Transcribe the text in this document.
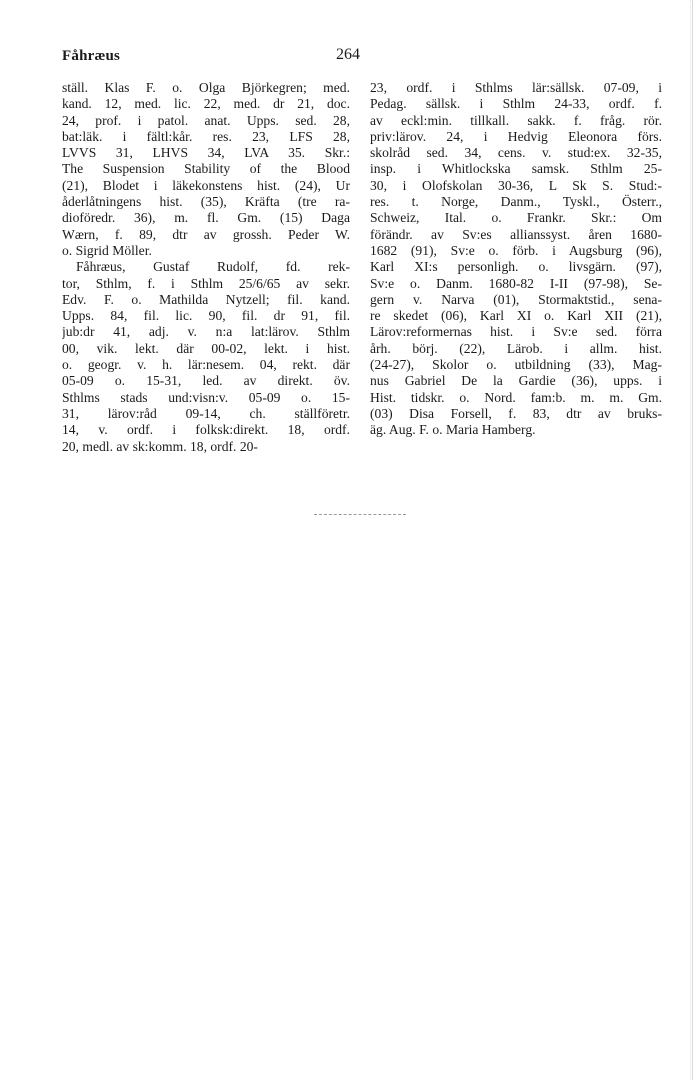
Fåhræus	264
ställ. Klas F. o. Olga Björkegren; med.
kand. 12, med. lic. 22, med. dr 21, doc.
24, prof. i patol. anat. Upps. sed. 28,
bat:läk. i fältl:kår. res. 23, LFS 28,
LVVS 31, LHVS 34, LVA 35. Skr.:
The Suspension Stability of the Blood
(21), Blodet i läkekonstens hist. (24), Ur
åderlåtningens hist. (35), Kräfta (tre ra-
dioföredr. 36), m. fl. Gm. (15) Daga
Wærn, f. 89, dtr av grossh. Peder W.
o. Sigrid Möller.
Fåhræus, Gustaf Rudolf, fd. rek-
tor, Sthlm, f. i Sthlm 25/6/65 av sekr.
Edv. F. o. Mathilda Nytzell; fil. kand.
Upps. 84, fil. lic. 90, fil. dr 91, fil.
jub:dr 41, adj. v. n:a lat:lärov. Sthlm
00, vik. lekt. där 00-02, lekt. i hist.
o. geogr. v. h. lär:nesem. 04, rekt. där
05-09 o. 15-31, led. av direkt. öv.
Sthlms stads und:visn:v. 05-09 o. 15-
31, lärov:råd 09-14, ch. ställföretr.
14, v. ordf. i folksk:direkt. 18, ordf.
20, medl. av sk:komm. 18, ordf. 20-
23, ordf. i Sthlms lär:sällsk. 07-09, i
Pedag. sällsk. i Sthlm 24-33, ordf. f.
av eckl:min. tillkall. sakk. f. fråg. rör.
priv:lärov. 24, i Hedvig Eleonora förs.
skolråd sed. 34, cens. v. stud:ex. 32-35,
insp. i Whitlockska samsk. Sthlm 25-
30, i Olofskolan 30-36, L Sk S. Stud:-
res. t. Norge, Danm., Tyskl., Österr.,
Schweiz, Ital. o. Frankr. Skr.: Om
förändr. av Sv:es allianssyst. åren 1680-
1682 (91), Sv:e o. förb. i Augsburg (96),
Karl XI:s personligh. o. livsgärn. (97),
Sv:e o. Danm. 1680-82 I-II (97-98), Se-
gern v. Narva (01), Stormaktstid., sena-
re skedet (06), Karl XI o. Karl XII (21),
Lärov:reformernas hist. i Sv:e sed. förra
årh. börj. (22), Lärob. i allm. hist.
(24-27), Skolor o. utbildning (33), Mag-
nus Gabriel De la Gardie (36), upps. i
Hist. tidskr. o. Nord. fam:b. m. m. Gm.
(03) Disa Forsell, f. 83, dtr av bruks-
äg. Aug. F. o. Maria Hamberg.
